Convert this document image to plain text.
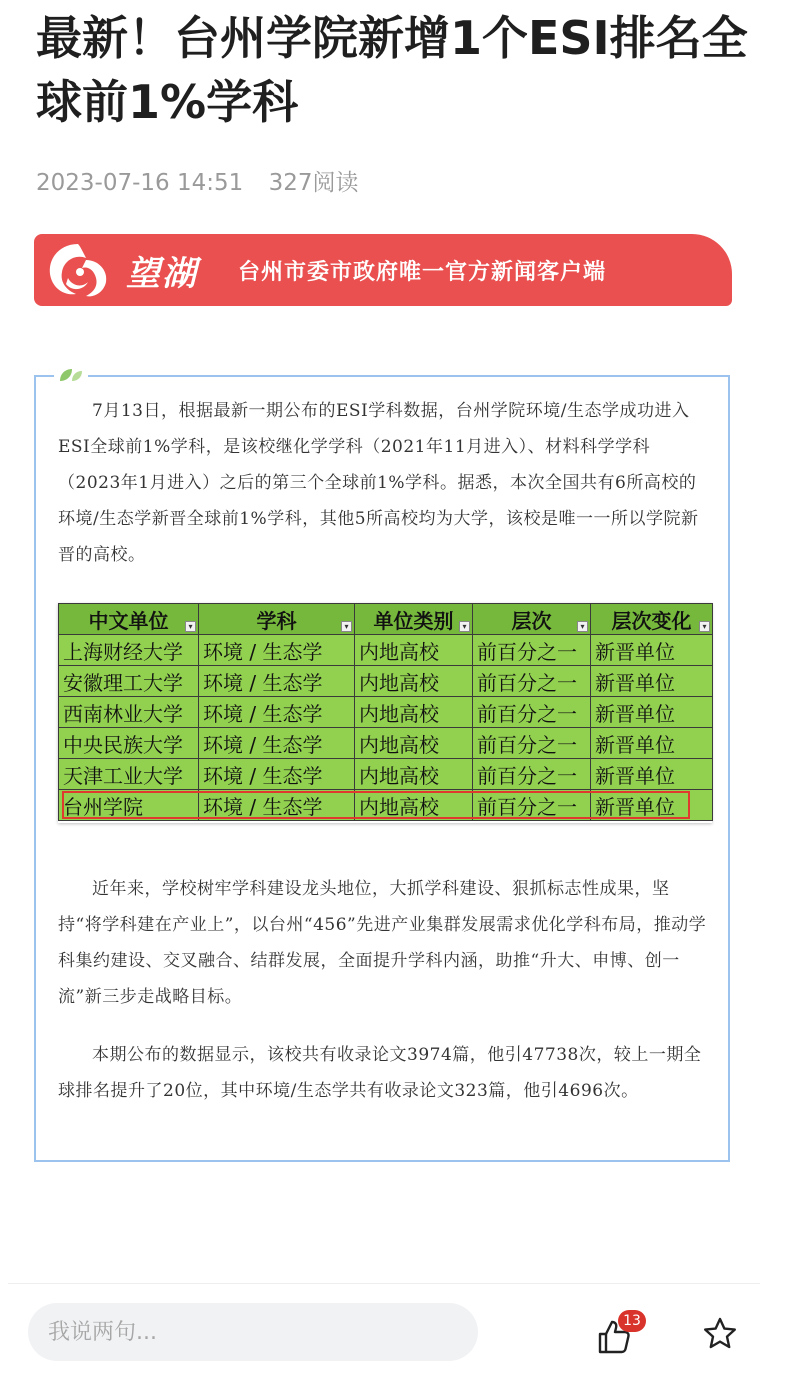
最新！台州学院新增1个ESI排名全球前1%学科
2023-07-16 14:51 327阅读
望湖 台州市委市政府唯一官方新闻客户端

7月13日，根据最新一期公布的ESI学科数据，台州学院环境/生态学成功进入ESI全球前1%学科，是该校继化学学科（2021年11月进入）、材料科学学科（2023年1月进入）之后的第三个全球前1%学科。据悉，本次全国共有6所高校的环境/生态学新晋全球前1%学科，其他5所高校均为大学，该校是唯一一所以学院新晋的高校。

中文单位 ▾	学科 ▾	单位类别 ▾	层次 ▾	层次变化 ▾

上海财经大学	环境 / 生态学	内地高校	前百分之一	新晋单位
安徽理工大学	环境 / 生态学	内地高校	前百分之一	新晋单位
西南林业大学	环境 / 生态学	内地高校	前百分之一	新晋单位
中央民族大学	环境 / 生态学	内地高校	前百分之一	新晋单位
天津工业大学	环境 / 生态学	内地高校	前百分之一	新晋单位
台州学院	环境 / 生态学	内地高校	前百分之一	新晋单位

近年来，学校树牢学科建设龙头地位，大抓学科建设、狠抓标志性成果，坚持“将学科建在产业上”，以台州“456”先进产业集群发展需求优化学科布局，推动学科集约建设、交叉融合、结群发展，全面提升学科内涵，助推“升大、申博、创一流”新三步走战略目标。

本期公布的数据显示，该校共有收录论文3974篇，他引47738次，较上一期全球排名提升了20位，其中环境/生态学共有收录论文323篇，他引4696次。

我说两句...
13
